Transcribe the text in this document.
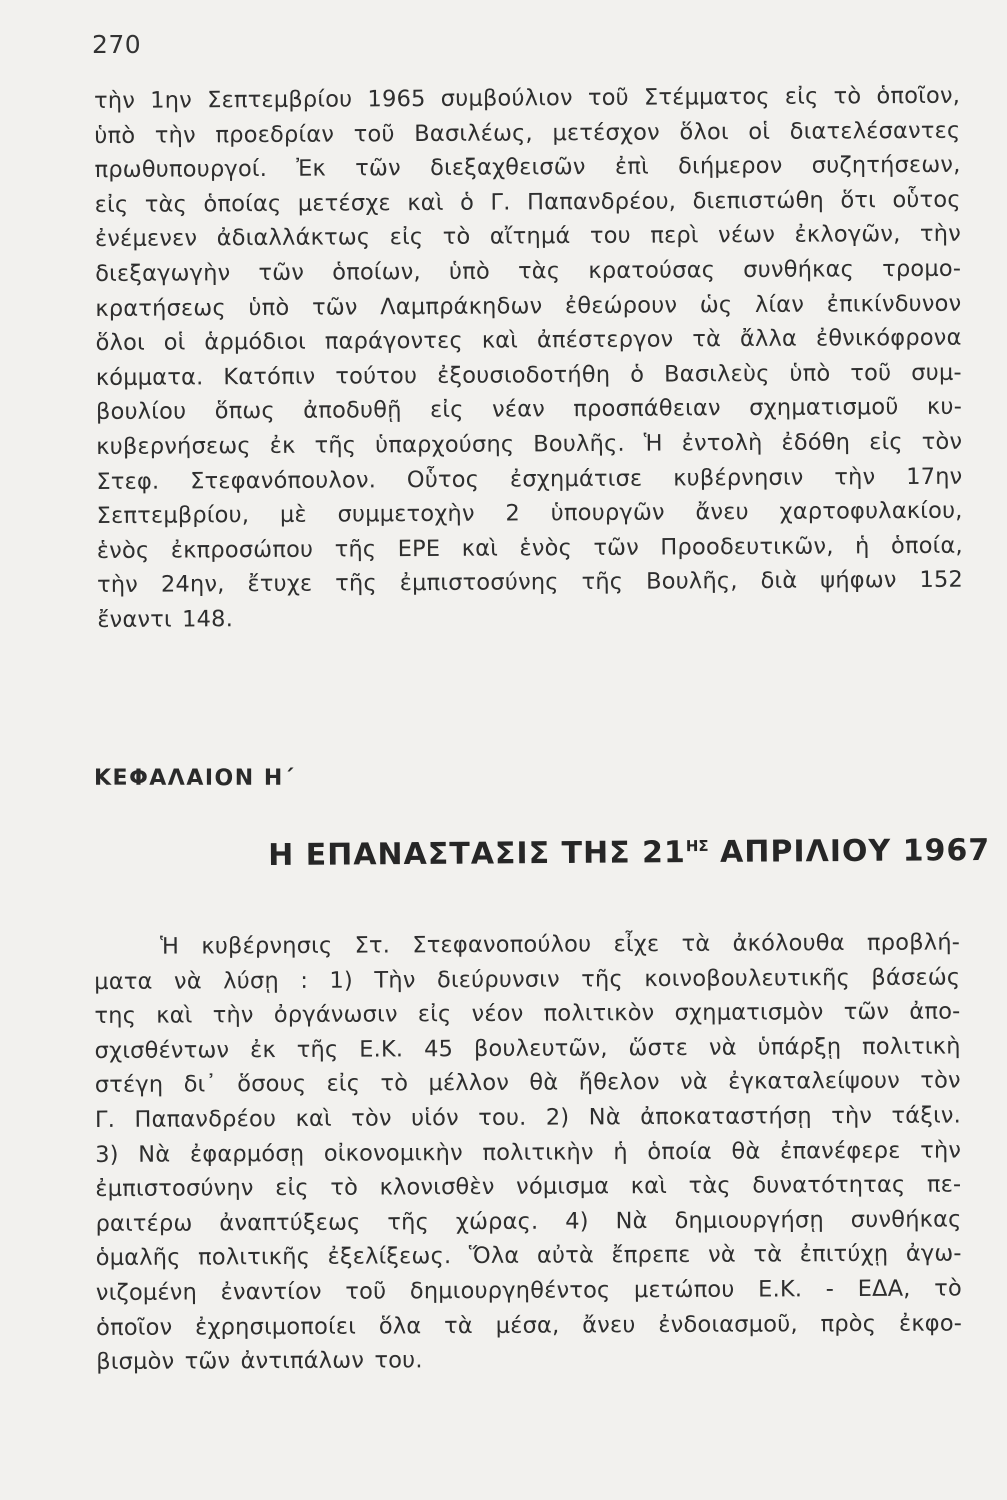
270
τὴν 1ην Σεπτεμβρίου 1965 συμβούλιον τοῦ Στέμματος εἰς τὸ ὁποῖον,
ὑπὸ τὴν προεδρίαν τοῦ Βασιλέως, μετέσχον ὅλοι οἱ διατελέσαντες
πρωθυπουργοί. Ἐκ τῶν διεξαχθεισῶν ἐπὶ διήμερον συζητήσεων,
εἰς τὰς ὁποίας μετέσχε καὶ ὁ Γ. Παπανδρέου, διεπιστώθη ὅτι οὗτος
ἐνέμενεν ἀδιαλλάκτως εἰς τὸ αἴτημά του περὶ νέων ἐκλογῶν, τὴν
διεξαγωγὴν τῶν ὁποίων, ὑπὸ τὰς κρατούσας συνθήκας τρομο-
κρατήσεως ὑπὸ τῶν Λαμπράκηδων ἐθεώρουν ὡς λίαν ἐπικίνδυνον
ὅλοι οἱ ἁρμόδιοι παράγοντες καὶ ἀπέστεργον τὰ ἄλλα ἐθνικόφρονα
κόμματα. Κατόπιν τούτου ἐξουσιοδοτήθη ὁ Βασιλεὺς ὑπὸ τοῦ συμ-
βουλίου ὅπως ἀποδυθῇ εἰς νέαν προσπάθειαν σχηματισμοῦ κυ-
κυβερνήσεως ἐκ τῆς ὑπαρχούσης Βουλῆς. Ἡ ἐντολὴ ἐδόθη εἰς τὸν
Στεφ. Στεφανόπουλον. Οὗτος ἐσχημάτισε κυβέρνησιν τὴν 17ην
Σεπτεμβρίου, μὲ συμμετοχὴν 2 ὑπουργῶν ἄνευ χαρτοφυλακίου,
ἑνὸς ἐκπροσώπου τῆς ΕΡΕ καὶ ἑνὸς τῶν Προοδευτικῶν, ἡ ὁποία,
τὴν 24ην, ἔτυχε τῆς ἐμπιστοσύνης τῆς Βουλῆς, διὰ ψήφων 152
ἔναντι 148.
ΚΕΦΑΛΑΙΟΝ Η΄
Η ΕΠΑΝΑΣΤΑΣΙΣ ΤΗΣ $21^{H\Sigma}$ ΑΠΡΙΛΙΟΥ 1967
Ἡ κυβέρνησις Στ. Στεφανοπούλου εἶχε τὰ ἀκόλουθα προβλή-
ματα νὰ λύσῃ : 1) Τὴν διεύρυνσιν τῆς κοινοβουλευτικῆς βάσεώς
της καὶ τὴν ὀργάνωσιν εἰς νέον πολιτικὸν σχηματισμὸν τῶν ἀπο-
σχισθέντων ἐκ τῆς Ε.Κ. 45 βουλευτῶν, ὥστε νὰ ὑπάρξῃ πολιτικὴ
στέγη δι᾿ ὅσους εἰς τὸ μέλλον θὰ ἤθελον νὰ ἐγκαταλείψουν τὸν
Γ. Παπανδρέου καὶ τὸν υἱόν του. 2) Νὰ ἀποκαταστήσῃ τὴν τάξιν.
3) Νὰ ἐφαρμόσῃ οἰκονομικὴν πολιτικὴν ἡ ὁποία θὰ ἐπανέφερε τὴν
ἐμπιστοσύνην εἰς τὸ κλονισθὲν νόμισμα καὶ τὰς δυνατότητας πε-
ραιτέρω ἀναπτύξεως τῆς χώρας. 4) Νὰ δημιουργήσῃ συνθήκας
ὁμαλῆς πολιτικῆς ἐξελίξεως. Ὅλα αὐτὰ ἔπρεπε νὰ τὰ ἐπιτύχῃ ἀγω-
νιζομένη ἐναντίον τοῦ δημιουργηθέντος μετώπου Ε.Κ. - ΕΔΑ, τὸ
ὁποῖον ἐχρησιμοποίει ὅλα τὰ μέσα, ἄνευ ἐνδοιασμοῦ, πρὸς ἐκφο-
βισμὸν τῶν ἀντιπάλων του.
